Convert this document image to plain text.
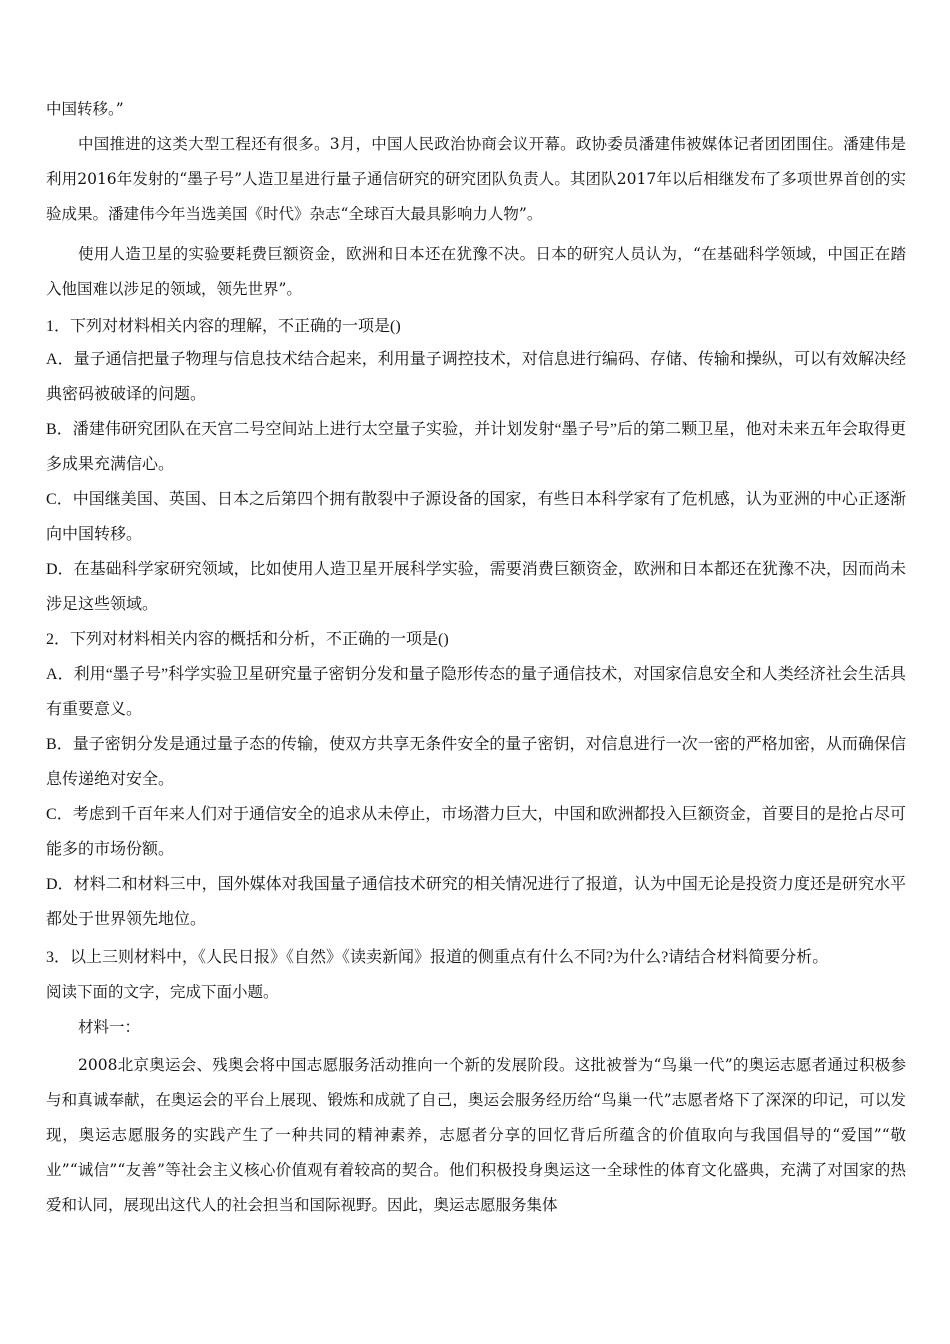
中国转移。”

中国推进的这类大型工程还有很多。3月，中国人民政治协商会议开幕。政协委员潘建伟被媒体记者团团围住。潘建伟是利用2016年发射的“墨子号”人造卫星进行量子通信研究的研究团队负责人。其团队2017年以后相继发布了多项世界首创的实验成果。潘建伟今年当选美国《时代》杂志“全球百大最具影响力人物”。

使用人造卫星的实验要耗费巨额资金，欧洲和日本还在犹豫不决。日本的研究人员认为，“在基础科学领域，中国正在踏入他国难以涉足的领域，领先世界”。

1．下列对材料相关内容的理解，不正确的一项是()

A．量子通信把量子物理与信息技术结合起来，利用量子调控技术，对信息进行编码、存储、传输和操纵，可以有效解决经典密码被破译的问题。

B．潘建伟研究团队在天宫二号空间站上进行太空量子实验，并计划发射“墨子号”后的第二颗卫星，他对未来五年会取得更多成果充满信心。

C．中国继美国、英国、日本之后第四个拥有散裂中子源设备的国家，有些日本科学家有了危机感，认为亚洲的中心正逐渐向中国转移。

D．在基础科学家研究领域，比如使用人造卫星开展科学实验，需要消费巨额资金，欧洲和日本都还在犹豫不决，因而尚未涉足这些领域。

2．下列对材料相关内容的概括和分析，不正确的一项是()

A．利用“墨子号”科学实验卫星研究量子密钥分发和量子隐形传态的量子通信技术，对国家信息安全和人类经济社会生活具有重要意义。

B．量子密钥分发是通过量子态的传输，使双方共享无条件安全的量子密钥，对信息进行一次一密的严格加密，从而确保信息传递绝对安全。

C．考虑到千百年来人们对于通信安全的追求从未停止，市场潜力巨大，中国和欧洲都投入巨额资金，首要目的是抢占尽可能多的市场份额。

D．材料二和材料三中，国外媒体对我国量子通信技术研究的相关情况进行了报道，认为中国无论是投资力度还是研究水平都处于世界领先地位。

3．以上三则材料中，《人民日报》《自然》《读卖新闻》报道的侧重点有什么不同?为什么?请结合材料简要分析。

阅读下面的文字，完成下面小题。

材料一：

2008北京奥运会、残奥会将中国志愿服务活动推向一个新的发展阶段。这批被誉为“鸟巢一代”的奥运志愿者通过积极参与和真诚奉献，在奥运会的平台上展现、锻炼和成就了自己，奥运会服务经历给“鸟巢一代”志愿者烙下了深深的印记，可以发现，奥运志愿服务的实践产生了一种共同的精神素养，志愿者分享的回忆背后所蕴含的价值取向与我国倡导的“爱国”“敬业”“诚信”“友善”等社会主义核心价值观有着较高的契合。他们积极投身奥运这一全球性的体育文化盛典，充满了对国家的热爱和认同，展现出这代人的社会担当和国际视野。因此，奥运志愿服务集体
